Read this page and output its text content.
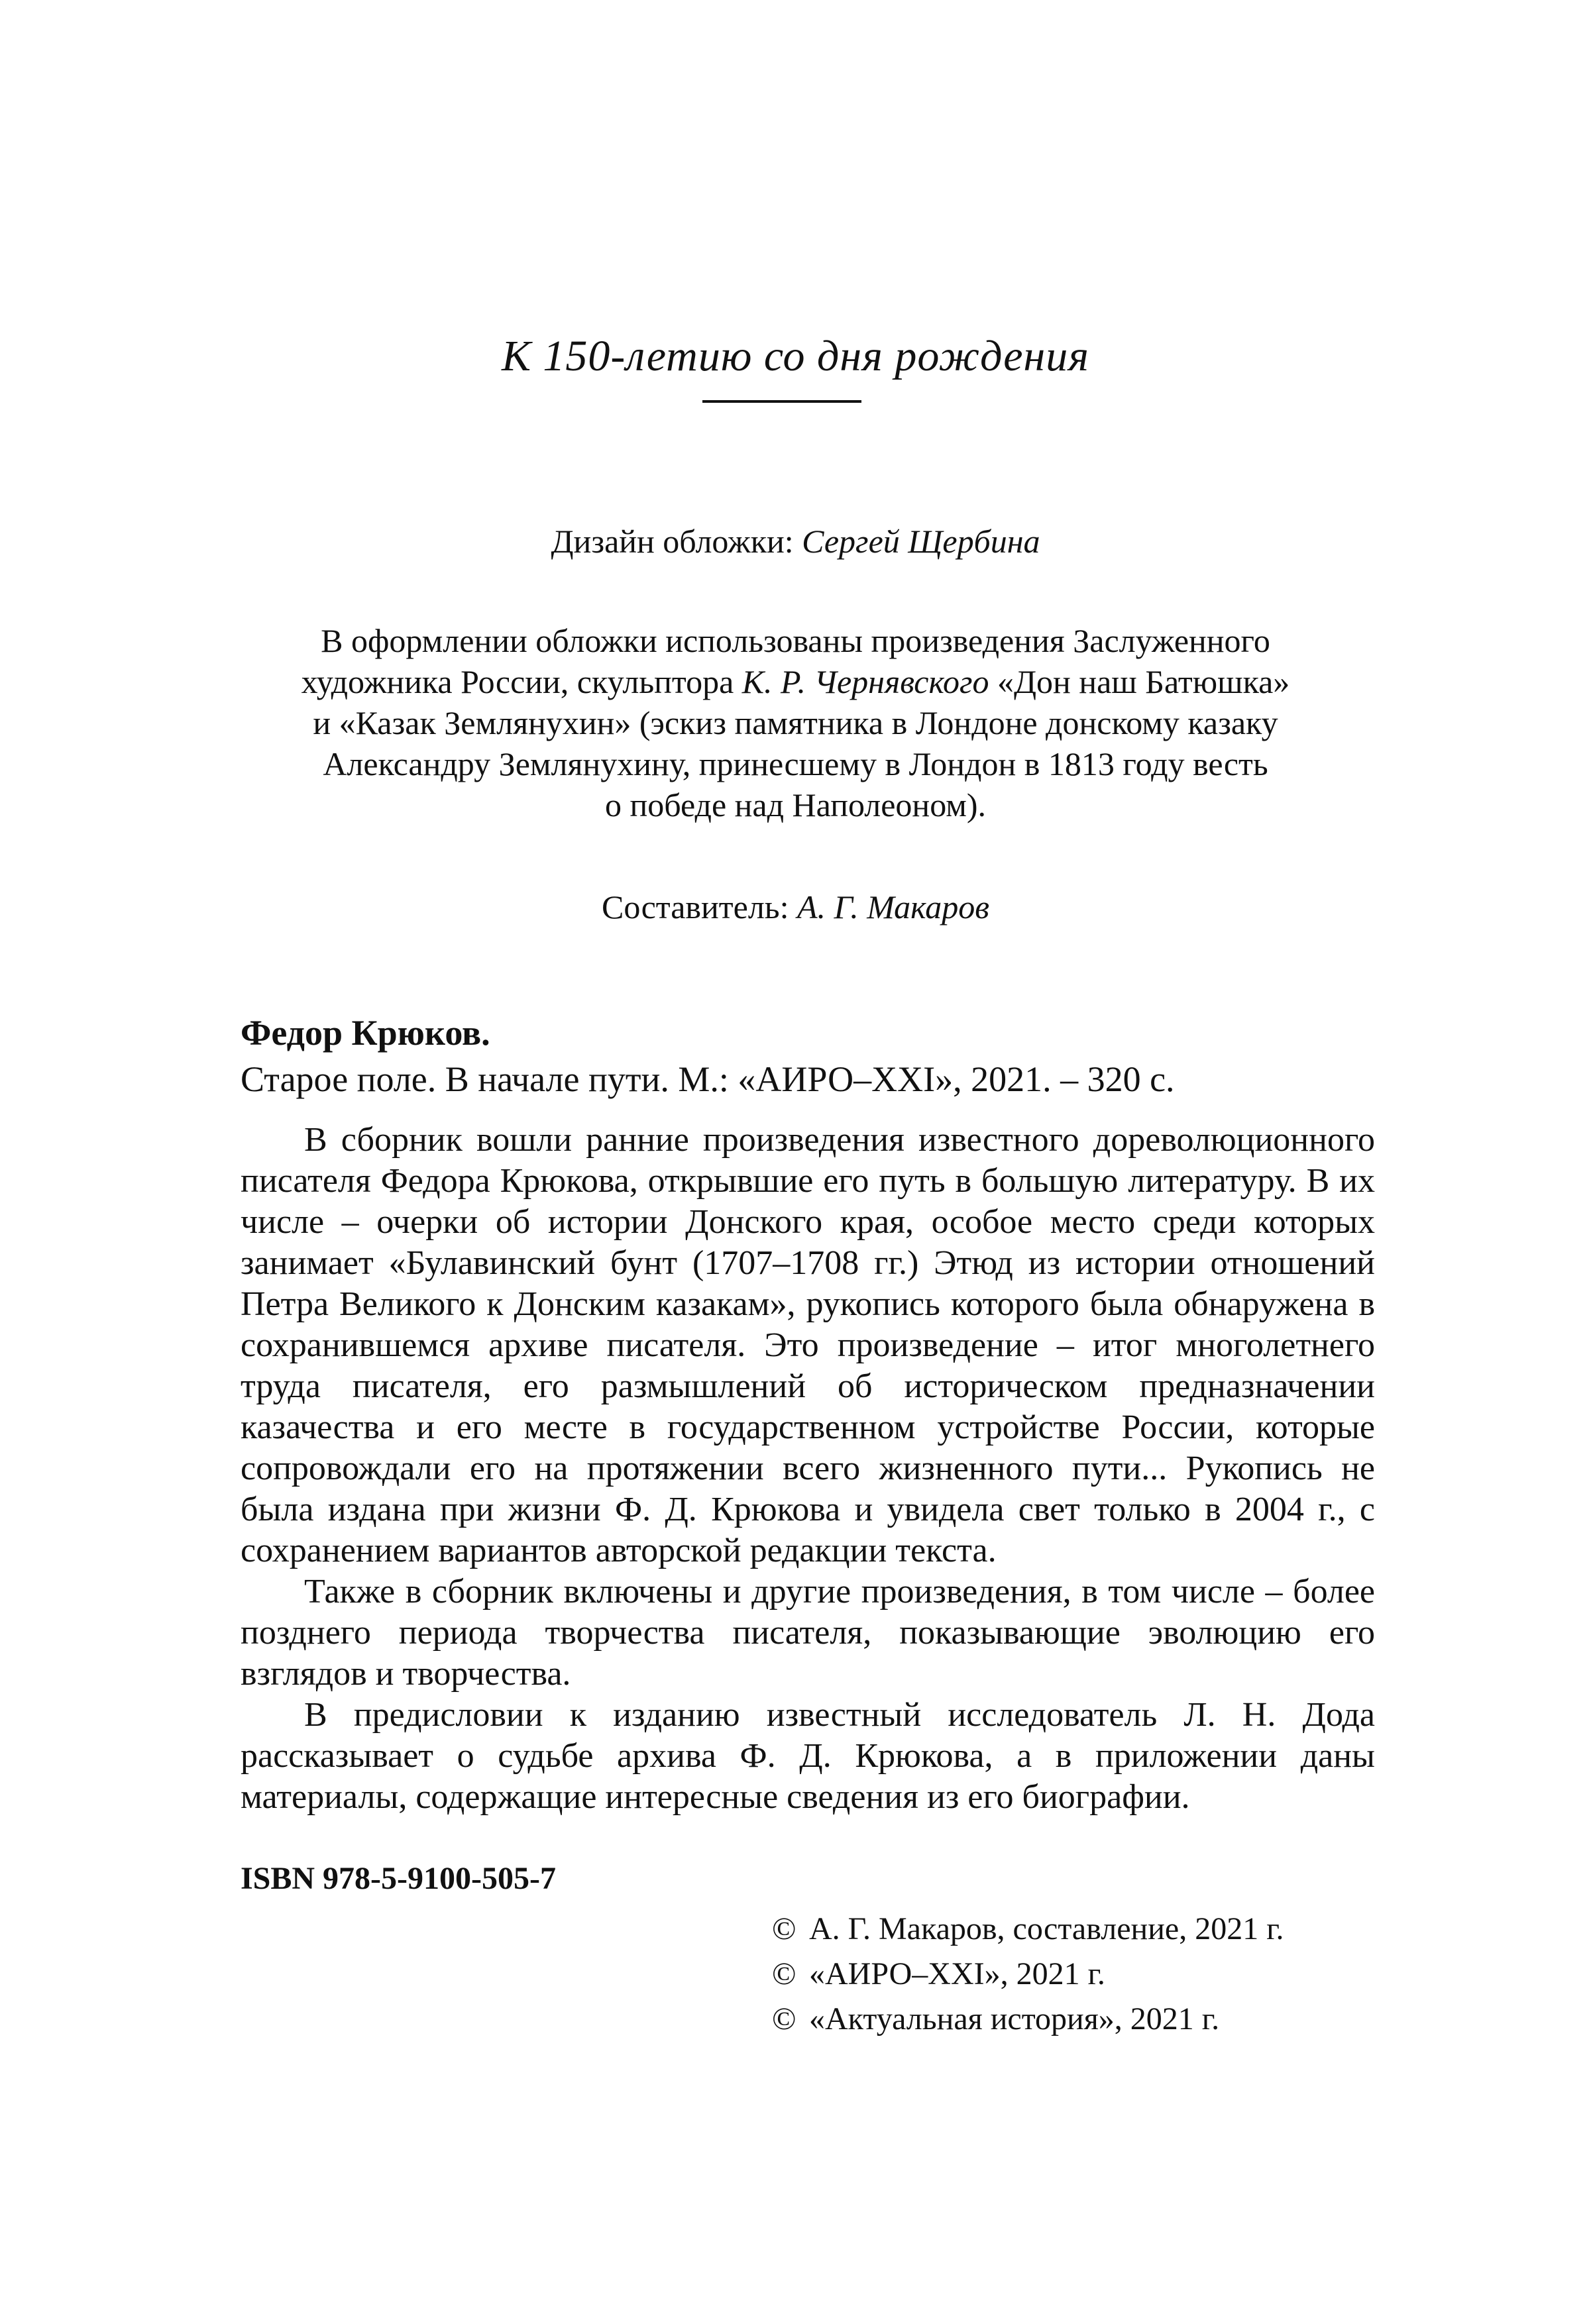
К 150-летию со дня рождения
Дизайн обложки: Сергей Щербина
В оформлении обложки использованы произведения Заслуженного
художника России, скульптора К. Р. Чернявского «Дон наш Батюшка»
и «Казак Землянухин» (эскиз памятника в Лондоне донскому казаку
Александру Землянухину, принесшему в Лондон в 1813 году весть
о победе над Наполеоном).
Составитель: А. Г. Макаров
Федор Крюков.
Старое поле. В начале пути. М.: «АИРО–XXI», 2021. – 320 с.

В сборник вошли ранние произведения известного дореволюционного писателя Федора Крюкова, открывшие его путь в большую литературу. В их числе – очерки об истории Донского края, особое место среди которых занимает «Булавинский бунт (1707–1708 гг.) Этюд из истории отношений Петра Великого к Донским казакам», рукопись которого была обнаружена в сохранившемся архиве писателя. Это произведение – итог многолетнего труда писателя, его размышлений об историческом предназначении казачества и его месте в государственном устройстве России, которые сопровождали его на протяжении всего жизненного пути... Рукопись не была издана при жизни Ф. Д. Крюкова и увидела свет только в 2004 г., с сохранением вариантов авторской редакции текста.

Также в сборник включены и другие произведения, в том числе – более позднего периода творчества писателя, показывающие эволюцию его взглядов и творчества.

В предисловии к изданию известный исследователь Л. Н. Дода рассказывает о судьбе архива Ф. Д. Крюкова, а в приложении даны материалы, содержащие интересные сведения из его биографии.

ISBN 978-5-9100-505-7
© А. Г. Макаров, составление, 2021 г.
© «АИРО–XXI», 2021 г.
© «Актуальная история», 2021 г.
